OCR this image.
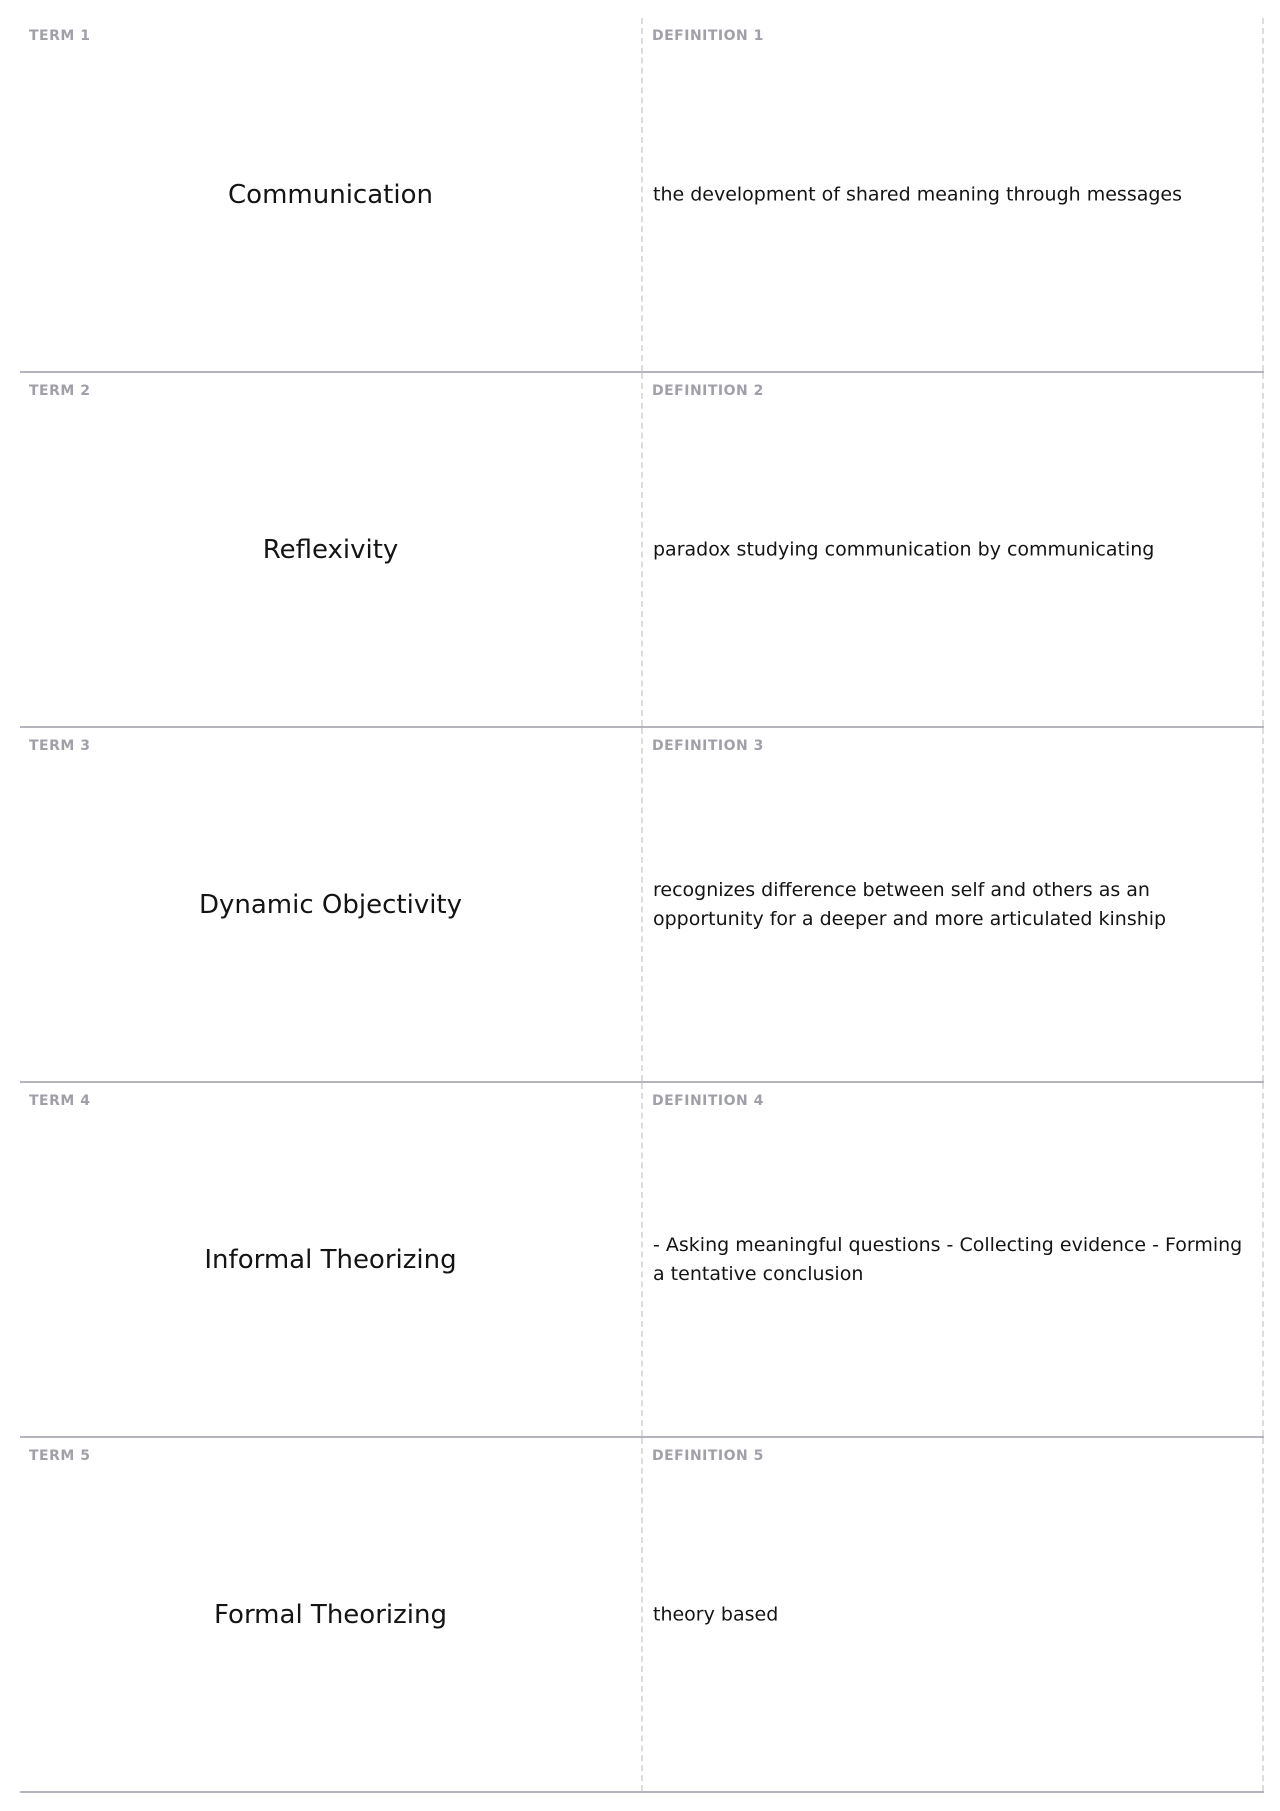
TERM 1
Communication
DEFINITION 1
the development of shared meaning through messages
TERM 2
Reflexivity
DEFINITION 2
paradox studying communication by communicating
TERM 3
Dynamic Objectivity
DEFINITION 3
recognizes difference between self and others as an opportunity for a deeper and more articulated kinship
TERM 4
Informal Theorizing
DEFINITION 4
- Asking meaningful questions - Collecting evidence - Forming a tentative conclusion
TERM 5
Formal Theorizing
DEFINITION 5
theory based
